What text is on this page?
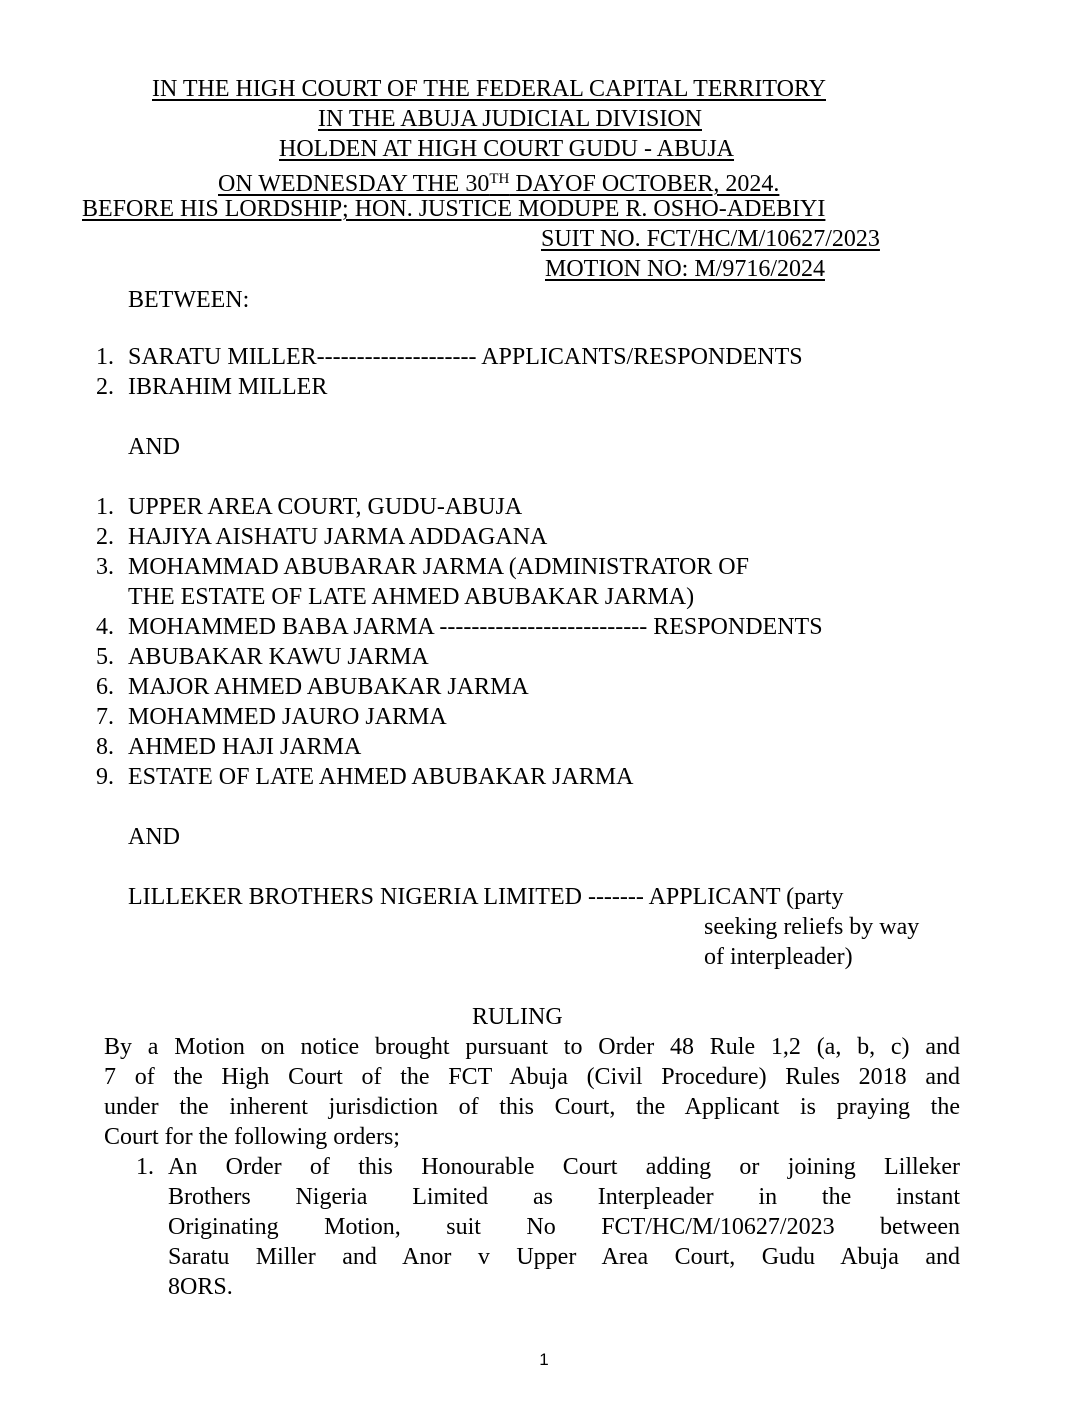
IN THE HIGH COURT OF THE FEDERAL CAPITAL TERRITORY
IN THE ABUJA JUDICIAL DIVISION
HOLDEN AT HIGH COURT GUDU - ABUJA
ON WEDNESDAY THE 30TH DAYOF OCTOBER, 2024.
BEFORE HIS LORDSHIP; HON. JUSTICE MODUPE R. OSHO-ADEBIYI
SUIT NO. FCT/HC/M/10627/2023
MOTION NO: M/9716/2024
BETWEEN:
1. SARATU MILLER-------------------- APPLICANTS/RESPONDENTS
2. IBRAHIM MILLER
AND
1. UPPER AREA COURT, GUDU-ABUJA
2. HAJIYA AISHATU JARMA ADDAGANA
3. MOHAMMAD ABUBARAR JARMA (ADMINISTRATOR OF
THE ESTATE OF LATE AHMED ABUBAKAR JARMA)
4. MOHAMMED BABA JARMA -------------------------- RESPONDENTS
5. ABUBAKAR KAWU JARMA
6. MAJOR AHMED ABUBAKAR JARMA
7. MOHAMMED JAURO JARMA
8. AHMED HAJI JARMA
9. ESTATE OF LATE AHMED ABUBAKAR JARMA
AND
LILLEKER BROTHERS NIGERIA LIMITED ------- APPLICANT (party
seeking reliefs by way
of interpleader)
RULING
By a Motion on notice brought pursuant to Order 48 Rule 1,2 (a, b, c) and
7 of the High Court of the FCT Abuja (Civil Procedure) Rules 2018 and
under the inherent jurisdiction of this Court, the Applicant is praying the
Court for the following orders;
1. An Order of this Honourable Court adding or joining Lilleker
Brothers Nigeria Limited as Interpleader in the instant
Originating Motion, suit No FCT/HC/M/10627/2023 between
Saratu Miller and Anor v Upper Area Court, Gudu Abuja and
8ORS.
1
